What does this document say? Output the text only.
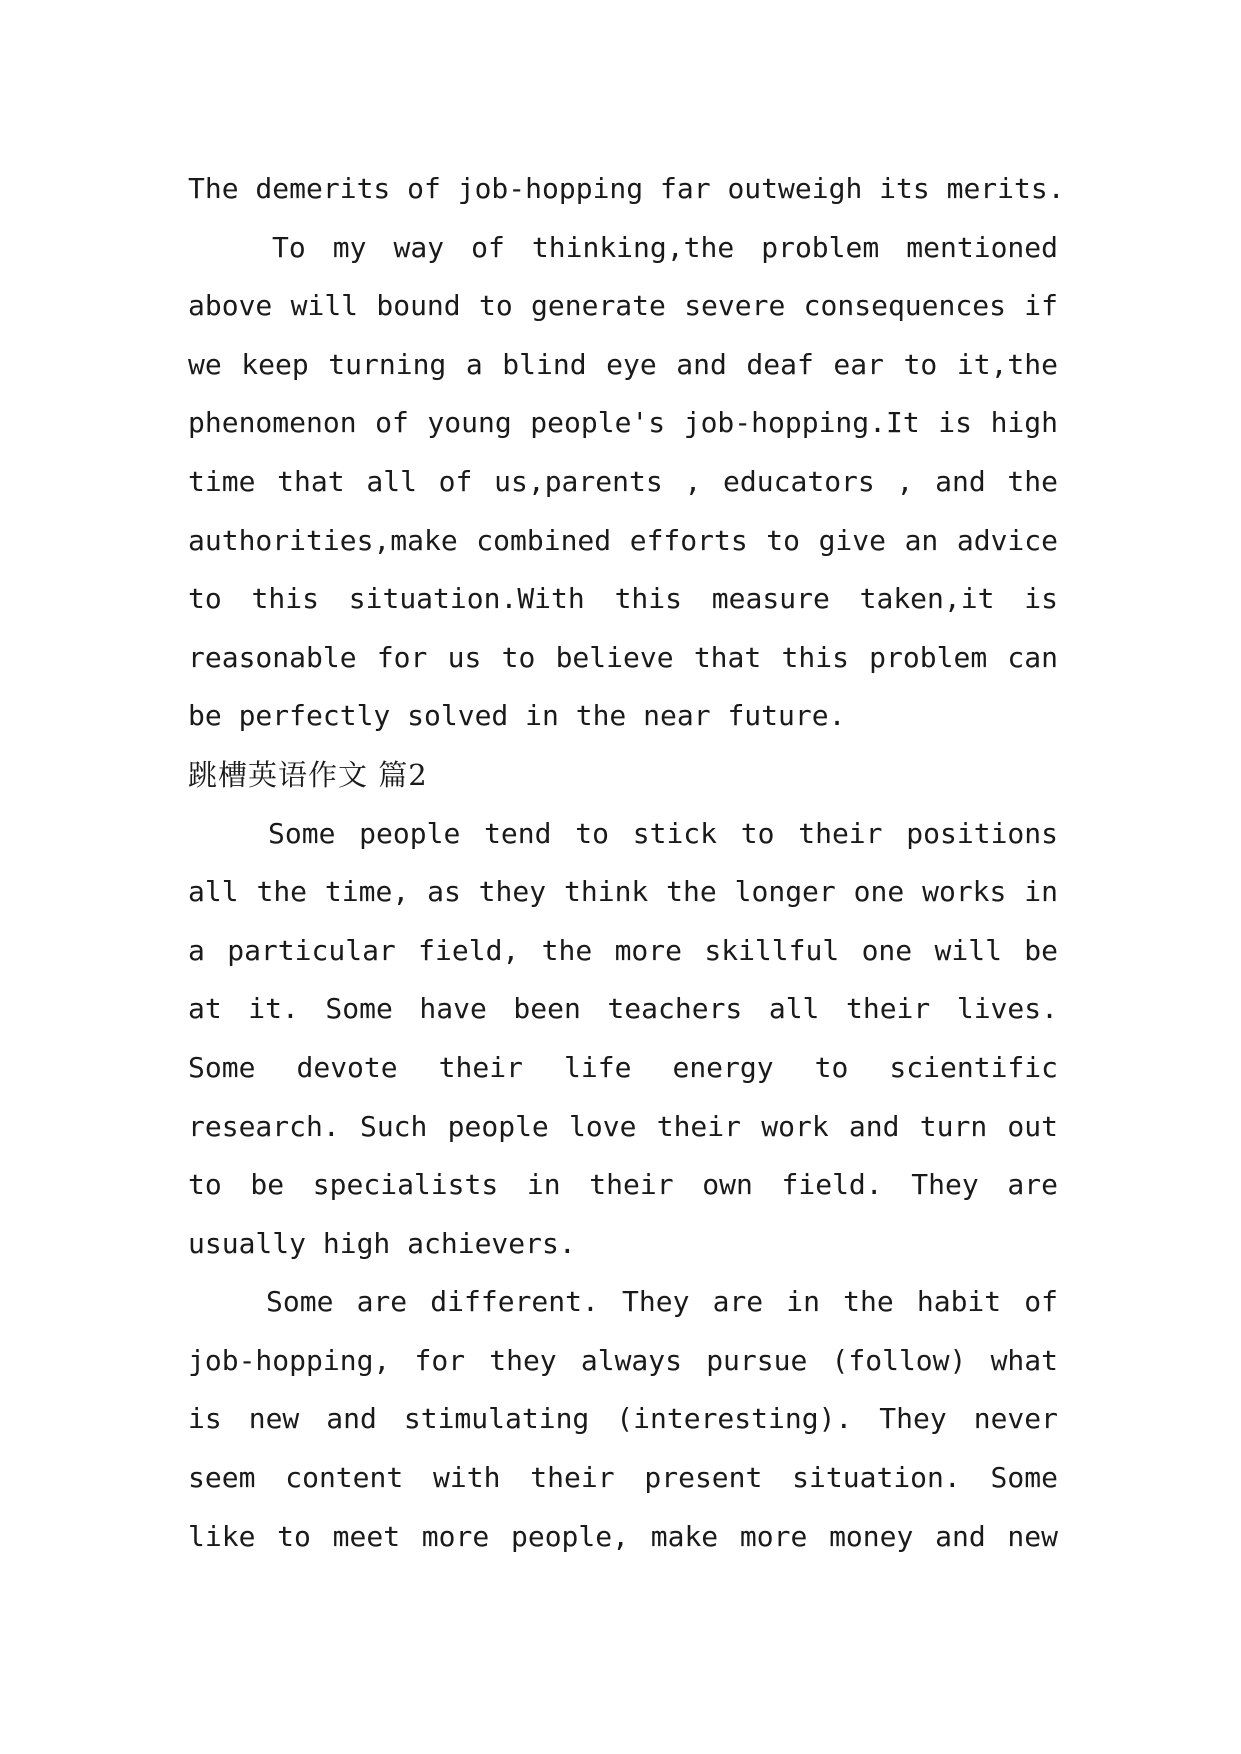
The demerits of job-hopping far outweigh its merits.
To my way of thinking,the problem mentioned
above will bound to generate severe consequences if
we keep turning a blind eye and deaf ear to it,the
phenomenon of young people's job-hopping.It is high
time that all of us,parents , educators , and the
authorities,make combined efforts to give an advice
to this situation.With this measure taken,it is
reasonable for us to believe that this problem can
be perfectly solved in the near future.
跳槽英语作文 篇2
Some people tend to stick to their positions
all the time, as they think the longer one works in
a particular field, the more skillful one will be
at it. Some have been teachers all their lives.
Some devote their life energy to scientific
research. Such people love their work and turn out
to be specialists in their own field. They are
usually high achievers.
Some are different. They are in the habit of
job-hopping, for they always pursue (follow) what
is new and stimulating (interesting). They never
seem content with their present situation. Some
like to meet more people, make more money and new
